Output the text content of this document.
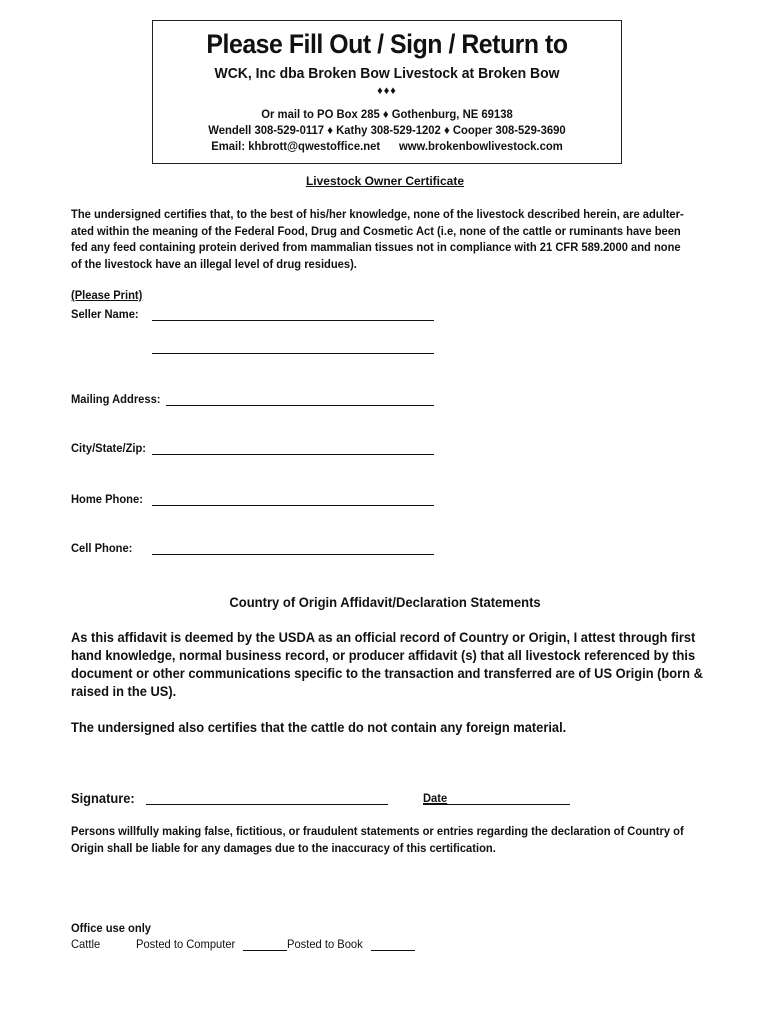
Please Fill Out / Sign / Return to
WCK, Inc dba Broken Bow Livestock at Broken Bow
♦♦♦
Or mail to PO Box 285 ♦ Gothenburg, NE 69138
Wendell 308-529-0117 ♦ Kathy 308-529-1202 ♦ Cooper 308-529-3690
Email: khbrott@qwestoffice.net www.brokenbowlivestock.com
Livestock Owner Certificate
The undersigned certifies that, to the best of his/her knowledge, none of the livestock described herein, are adulter-
ated within the meaning of the Federal Food, Drug and Cosmetic Act (i.e, none of the cattle or ruminants have been
fed any feed containing protein derived from mammalian tissues not in compliance with 21 CFR 589.2000 and none
of the livestock have an illegal level of drug residues).
(Please Print)
Seller Name:
Mailing Address:
City/State/Zip:
Home Phone:
Cell Phone:
Country of Origin Affidavit/Declaration Statements
As this affidavit is deemed by the USDA as an official record of Country or Origin, I attest through first
hand knowledge, normal business record, or producer affidavit (s) that all livestock referenced by this
document or other communications specific to the transaction and transferred are of US Origin (born &
raised in the US).
The undersigned also certifies that the cattle do not contain any foreign material.
Signature:	Date
Persons willfully making false, fictitious, or fraudulent statements or entries regarding the declaration of Country of
Origin shall be liable for any damages due to the inaccuracy of this certification.
Office use only
Cattle	Posted to Computer	Posted to Book
